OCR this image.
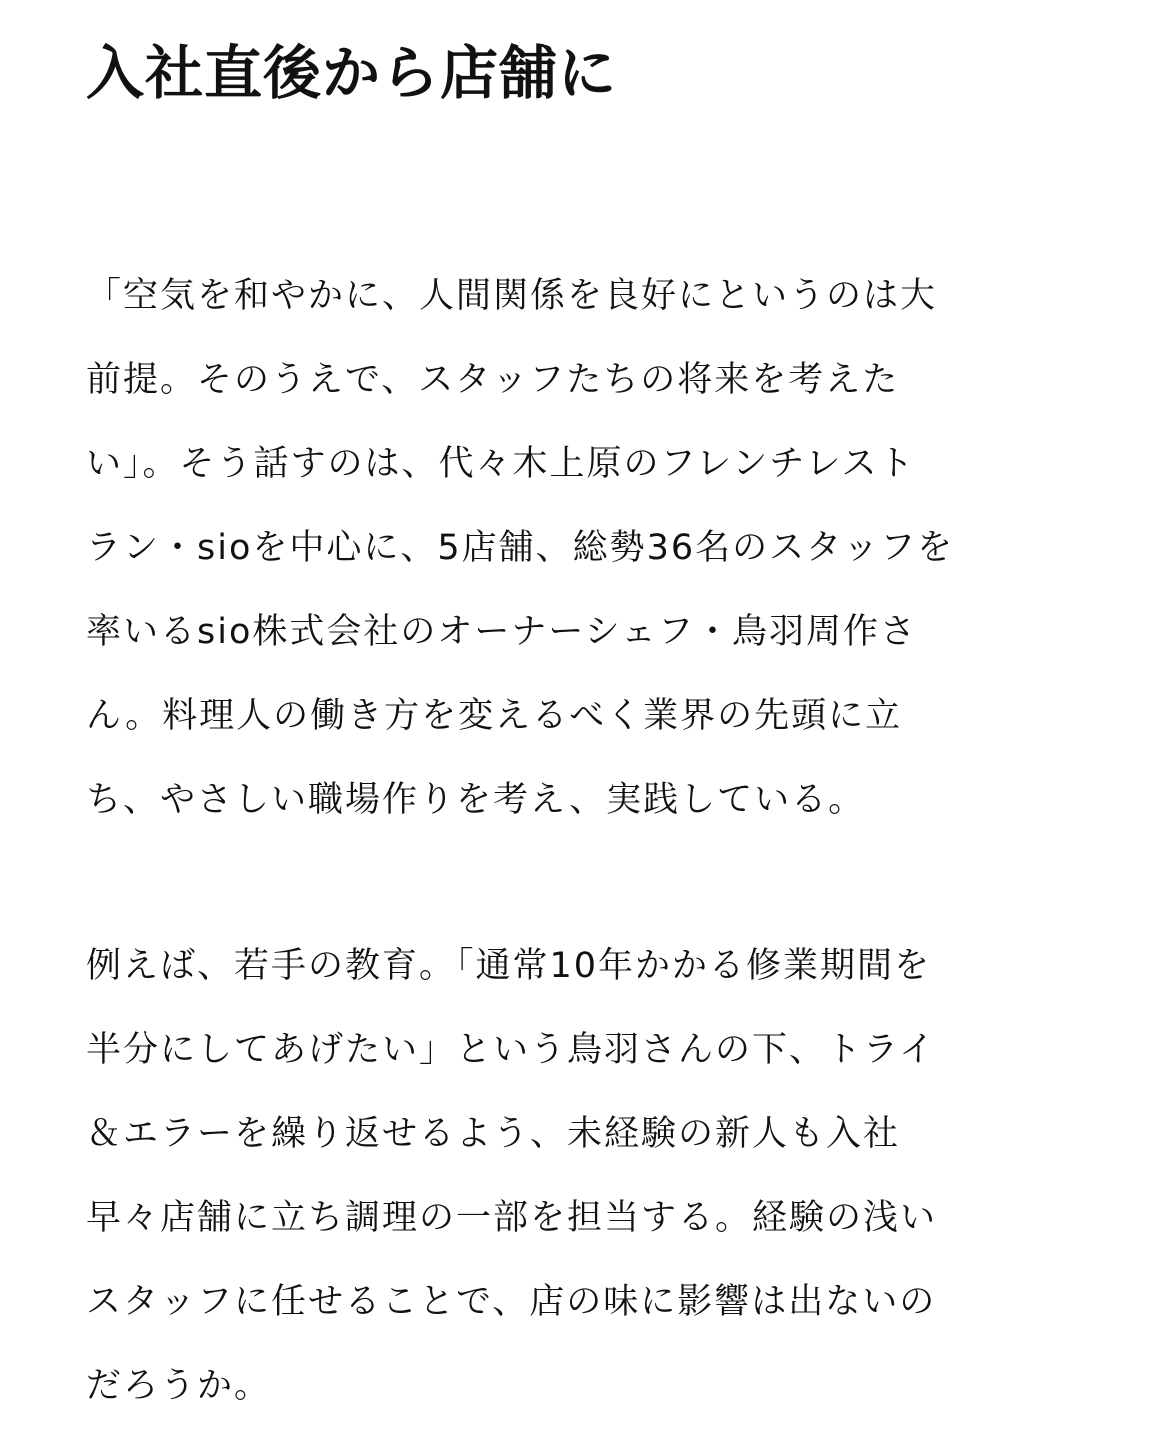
入社直後から店舗に

「空気を和やかに、人間関係を良好にというのは大
前提。そのうえで、スタッフたちの将来を考えた
い」。そう話すのは、代々木上原のフレンチレスト
ラン・sioを中心に、5店舗、総勢36名のスタッフを
率いるsio株式会社のオーナーシェフ・鳥羽周作さ
ん。料理人の働き方を変えるべく業界の先頭に立
ち、やさしい職場作りを考え、実践している。

例えば、若手の教育。「通常10年かかる修業期間を
半分にしてあげたい」という鳥羽さんの下、トライ
＆エラーを繰り返せるよう、未経験の新人も入社
早々店舗に立ち調理の一部を担当する。経験の浅い
スタッフに任せることで、店の味に影響は出ないの
だろうか。
